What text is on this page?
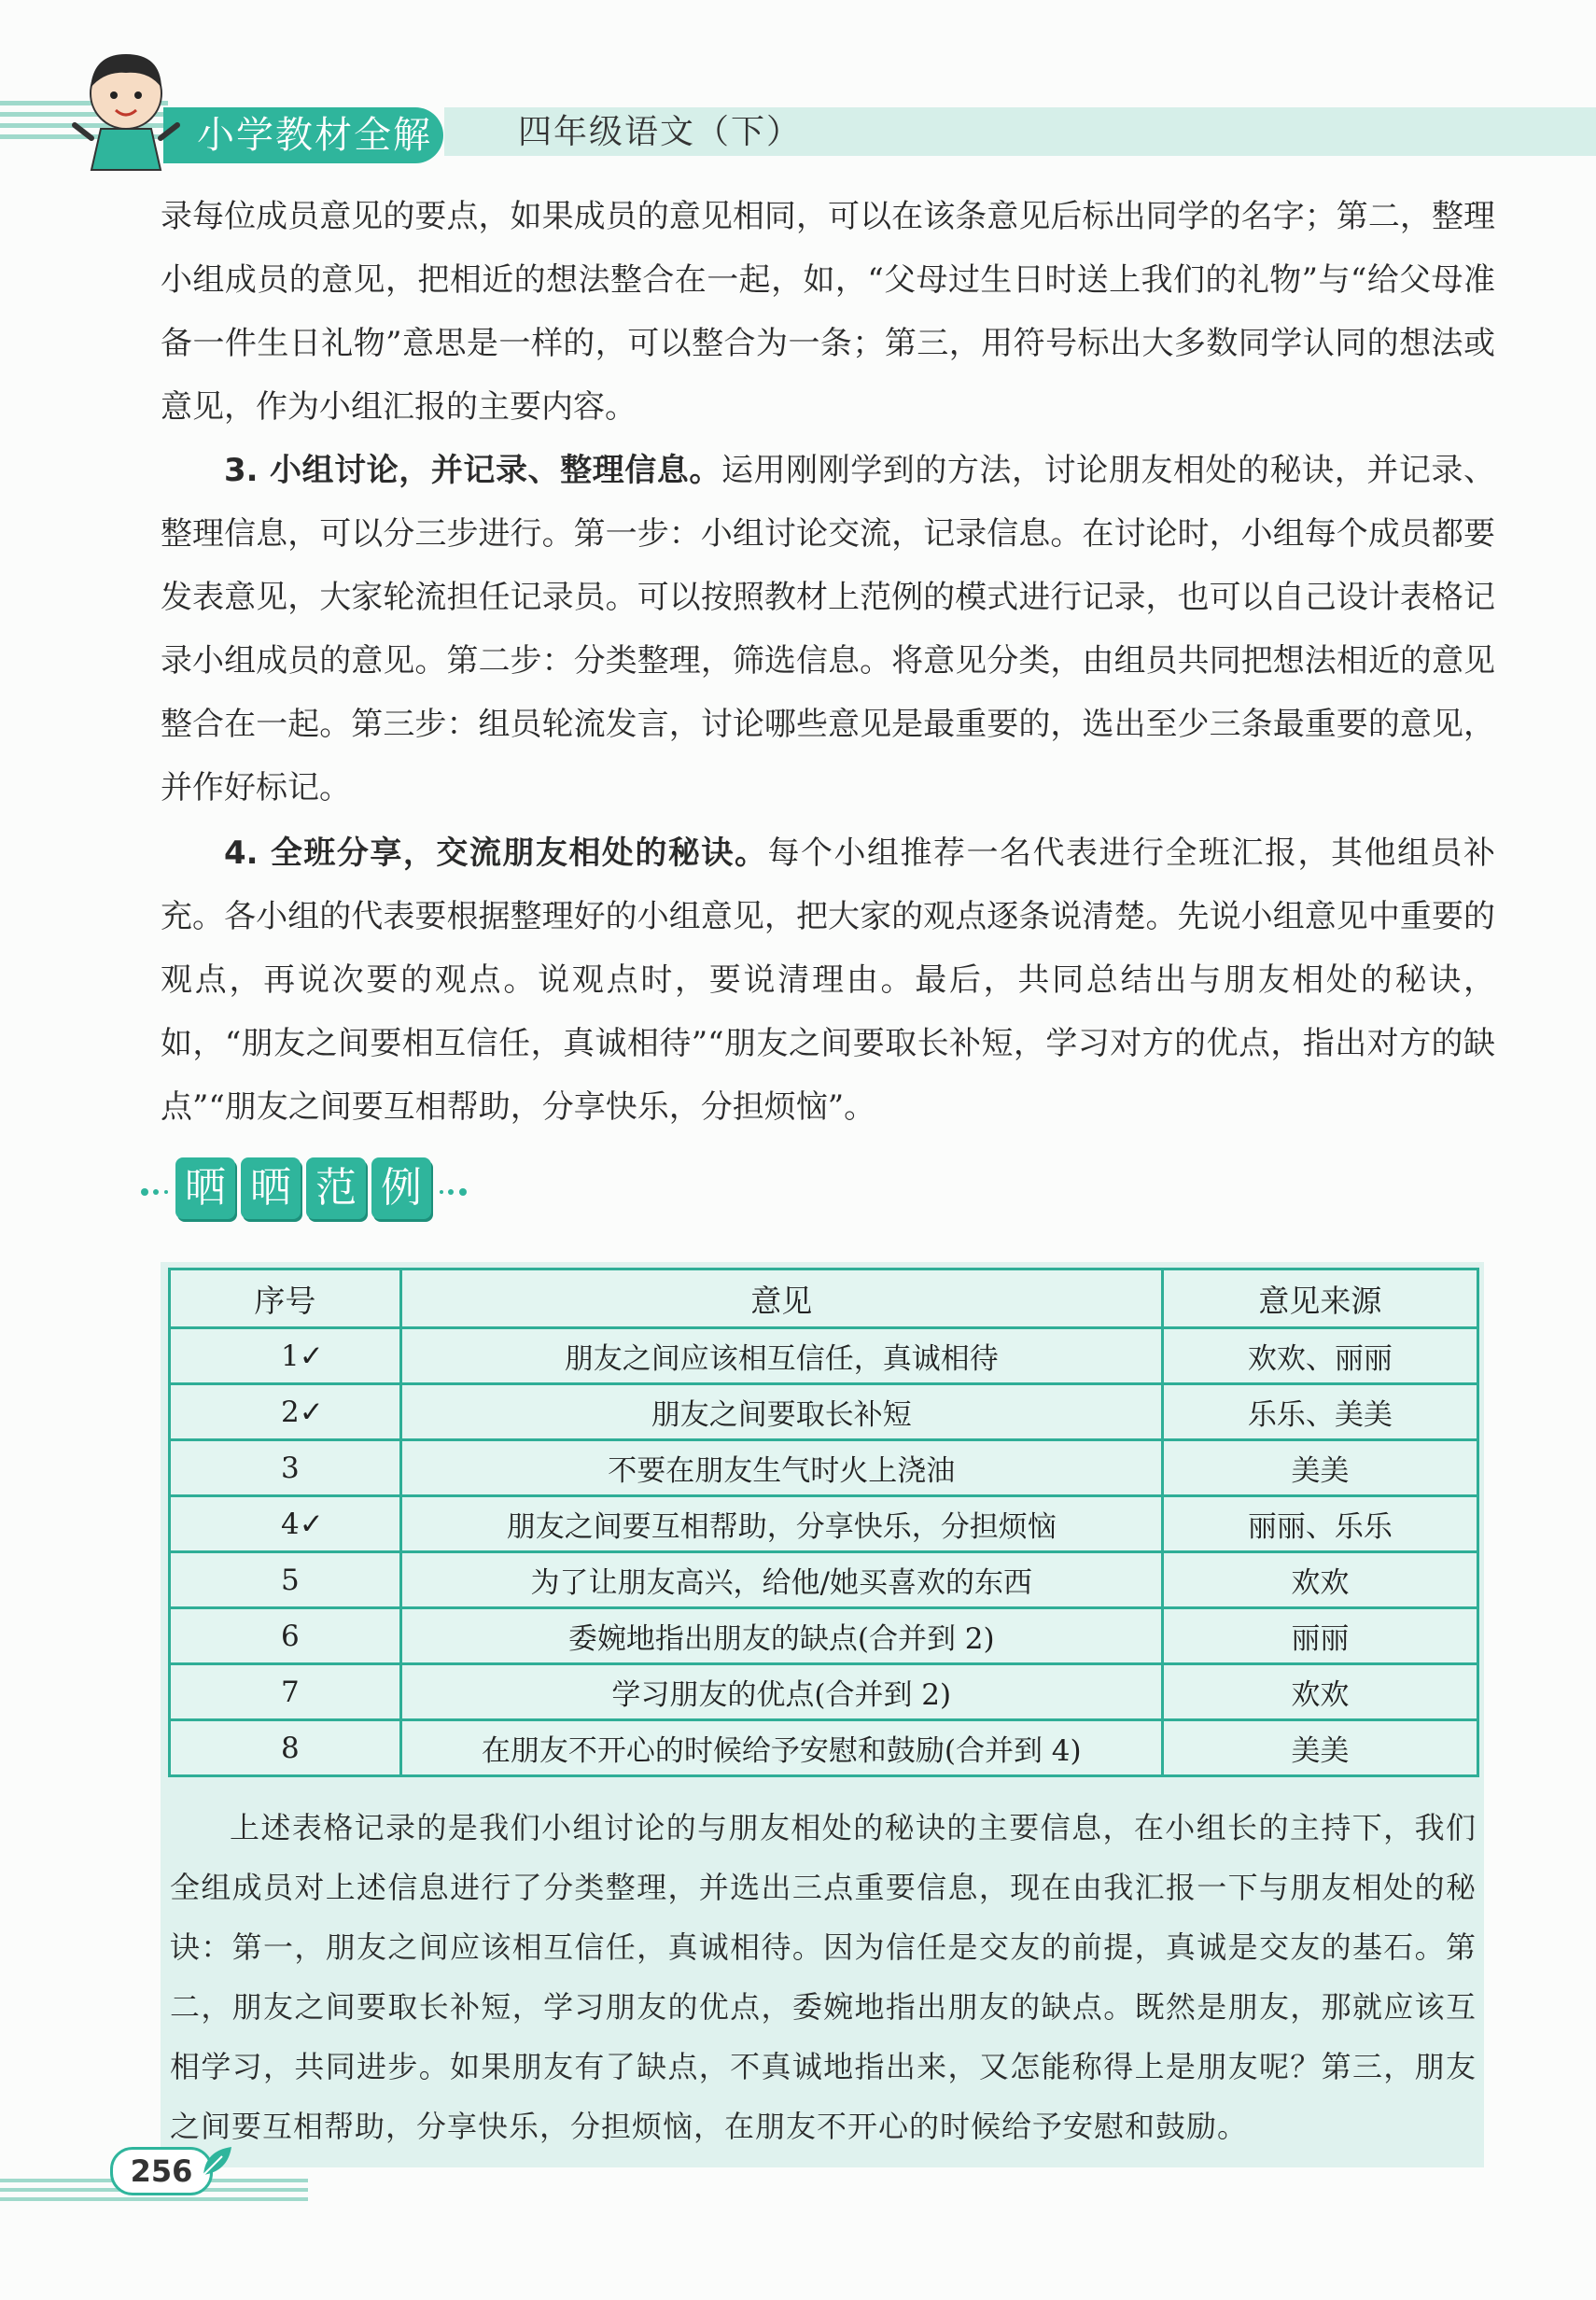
小学教材全解	四年级语文（下）

录每位成员意见的要点，如果成员的意见相同，可以在该条意见后标出同学的名字；第二，整理小组成员的意见，把相近的想法整合在一起，如，“父母过生日时送上我们的礼物”与“给父母准备一件生日礼物”意思是一样的，可以整合为一条；第三，用符号标出大多数同学认同的想法或意见，作为小组汇报的主要内容。

3. 小组讨论，并记录、整理信息。运用刚刚学到的方法，讨论朋友相处的秘诀，并记录、整理信息，可以分三步进行。第一步：小组讨论交流，记录信息。在讨论时，小组每个成员都要发表意见，大家轮流担任记录员。可以按照教材上范例的模式进行记录，也可以自己设计表格记录小组成员的意见。第二步：分类整理，筛选信息。将意见分类，由组员共同把想法相近的意见整合在一起。第三步：组员轮流发言，讨论哪些意见是最重要的，选出至少三条最重要的意见，并作好标记。

4. 全班分享，交流朋友相处的秘诀。每个小组推荐一名代表进行全班汇报，其他组员补充。各小组的代表要根据整理好的小组意见，把大家的观点逐条说清楚。先说小组意见中重要的观点，再说次要的观点。说观点时，要说清理由。最后，共同总结出与朋友相处的秘诀，如，“朋友之间要相互信任，真诚相待”“朋友之间要取长补短，学习对方的优点，指出对方的缺点”“朋友之间要互相帮助，分享快乐，分担烦恼”。

晒 晒 范 例
序号	意见	意见来源
1✓	朋友之间应该相互信任，真诚相待	欢欢、丽丽
2✓	朋友之间要取长补短	乐乐、美美
3	不要在朋友生气时火上浇油	美美
4✓	朋友之间要互相帮助，分享快乐，分担烦恼	丽丽、乐乐
5	为了让朋友高兴，给他/她买喜欢的东西	欢欢
6	委婉地指出朋友的缺点(合并到 2)	丽丽
7	学习朋友的优点(合并到 2)	欢欢
8	在朋友不开心的时候给予安慰和鼓励(合并到 4)	美美

上述表格记录的是我们小组讨论的与朋友相处的秘诀的主要信息，在小组长的主持下，我们全组成员对上述信息进行了分类整理，并选出三点重要信息，现在由我汇报一下与朋友相处的秘诀：第一，朋友之间应该相互信任，真诚相待。因为信任是交友的前提，真诚是交友的基石。第二，朋友之间要取长补短，学习朋友的优点，委婉地指出朋友的缺点。既然是朋友，那就应该互相学习，共同进步。如果朋友有了缺点，不真诚地指出来，又怎能称得上是朋友呢？第三，朋友之间要互相帮助，分享快乐，分担烦恼，在朋友不开心的时候给予安慰和鼓励。

256
